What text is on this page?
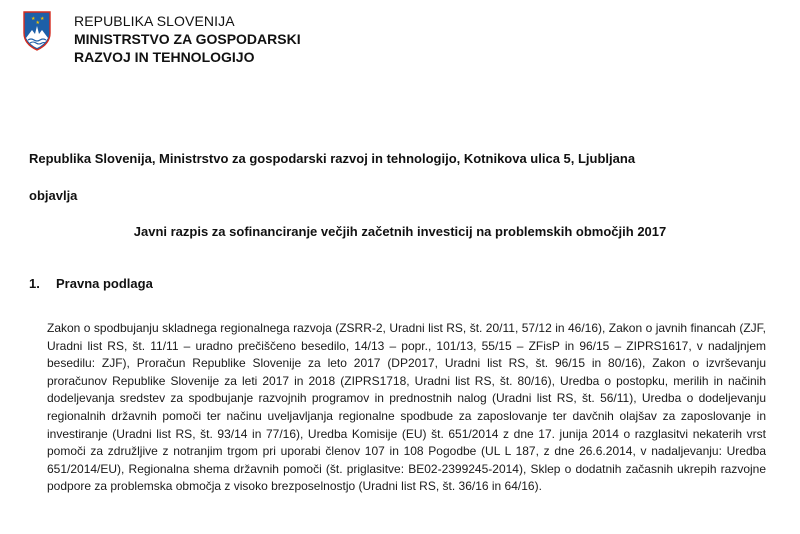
★ ★
★ REPUBLIKA SLOVENIJA
MINISTRSTVO ZA GOSPODARSKI
RAZVOJ IN TEHNOLOGIJO
Republika Slovenija, Ministrstvo za gospodarski razvoj in tehnologijo, Kotnikova ulica 5, Ljubljana
objavlja
Javni razpis za sofinanciranje večjih začetnih investicij na problemskih območjih 2017
1. Pravna podlaga
Zakon o spodbujanju skladnega regionalnega razvoja (ZSRR-2, Uradni list RS, št. 20/11, 57/12 in 46/16), Zakon o javnih financah (ZJF, Uradni list RS, št. 11/11 – uradno prečiščeno besedilo, 14/13 – popr., 101/13, 55/15 – ZFisP in 96/15 – ZIPRS1617, v nadaljnjem besedilu: ZJF), Proračun Republike Slovenije za leto 2017 (DP2017, Uradni list RS, št. 96/15 in 80/16), Zakon o izvrševanju proračunov Republike Slovenije za leti 2017 in 2018 (ZIPRS1718, Uradni list RS, št. 80/16), Uredba o postopku, merilih in načinih dodeljevanja sredstev za spodbujanje razvojnih programov in prednostnih nalog (Uradni list RS, št. 56/11), Uredba o dodeljevanju regionalnih državnih pomoči ter načinu uveljavljanja regionalne spodbude za zaposlovanje ter davčnih olajšav za zaposlovanje in investiranje (Uradni list RS, št. 93/14 in 77/16), Uredba Komisije (EU) št. 651/2014 z dne 17. junija 2014 o razglasitvi nekaterih vrst pomoči za združljive z notranjim trgom pri uporabi členov 107 in 108 Pogodbe (UL L 187, z dne 26.6.2014, v nadaljevanju: Uredba 651/2014/EU), Regionalna shema državnih pomoči (št. priglasitve: BE02-2399245-2014), Sklep o dodatnih začasnih ukrepih razvojne podpore za problemska območja z visoko brezposelnostjo (Uradni list RS, št. 36/16 in 64/16).
